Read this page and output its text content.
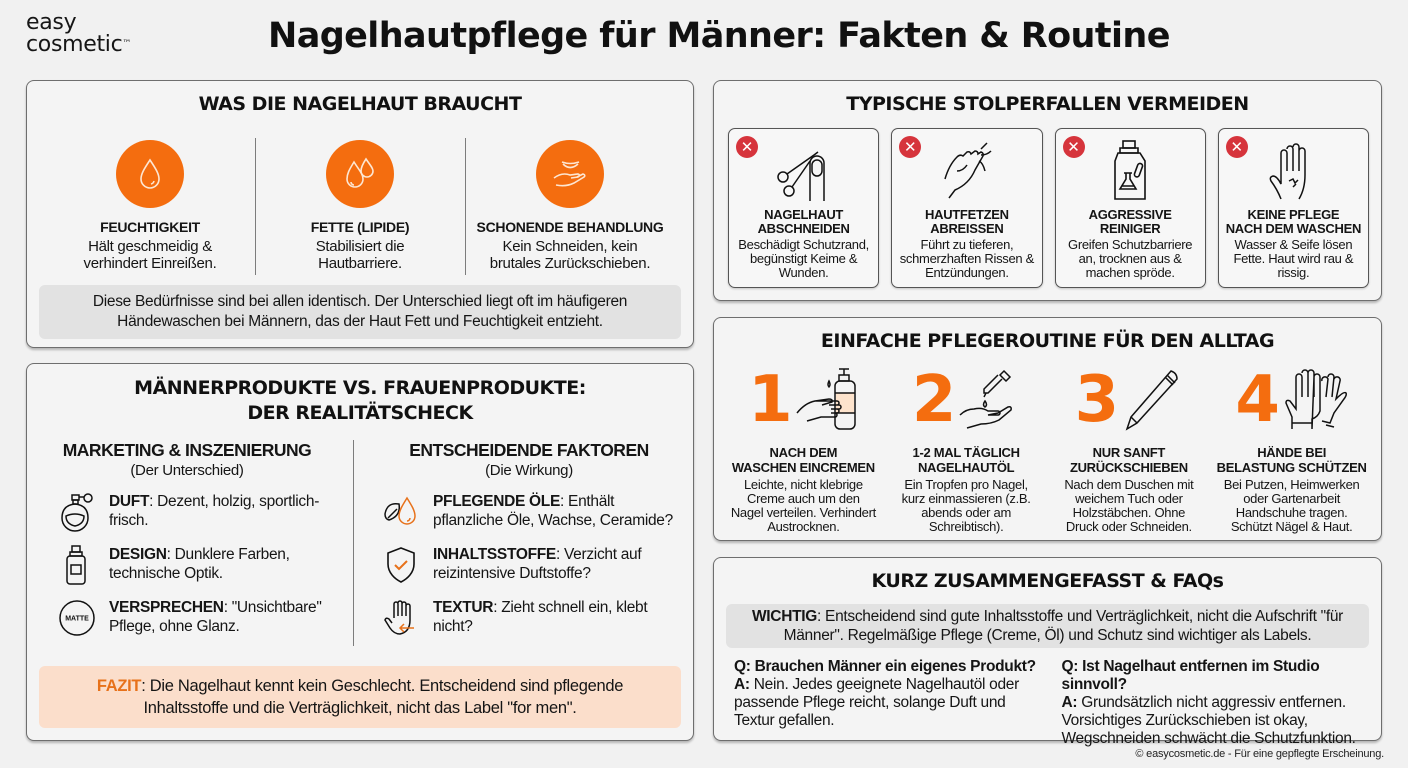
easy
cosmetic™	Nagelhautpflege für Männer: Fakten & Routine
WAS DIE NAGELHAUT BRAUCHT
FEUCHTIGKEIT
Hält geschmeidig &
verhindert Einreißen.
FETTE (LIPIDE)
Stabilisiert die
Hautbarriere.
SCHONENDE BEHANDLUNG
Kein Schneiden, kein
brutales Zurückschieben.
Diese Bedürfnisse sind bei allen identisch. Der Unterschied liegt oft im häufigeren Händewaschen bei Männern, das der Haut Fett und Feuchtigkeit entzieht.
MÄNNERPRODUKTE VS. FRAUENPRODUKTE:
DER REALITÄTSCHECK
MARKETING & INSZENIERUNG
(Der Unterschied)
DUFT: Dezent, holzig, sportlich-frisch.
DESIGN: Dunklere Farben, technische Optik.
MATTE
VERSPRECHEN: "Unsichtbare" Pflege, ohne Glanz.
ENTSCHEIDENDE FAKTOREN
(Die Wirkung)
PFLEGENDE ÖLE: Enthält pflanzliche Öle, Wachse, Ceramide?
INHALTSSTOFFE: Verzicht auf reizintensive Duftstoffe?
TEXTUR: Zieht schnell ein, klebt nicht?
FAZIT: Die Nagelhaut kennt kein Geschlecht. Entscheidend sind pflegende Inhaltsstoffe und die Verträglichkeit, nicht das Label "for men".
TYPISCHE STOLPERFALLEN VERMEIDEN
✕
NAGELHAUT
ABSCHNEIDEN
Beschädigt Schutzrand, begünstigt Keime & Wunden.
✕
HAUTFETZEN
ABREISSEN
Führt zu tieferen, schmerzhaften Rissen & Entzündungen.
✕
AGGRESSIVE
REINIGER
Greifen Schutzbarriere an, trocknen aus & machen spröde.
✕
KEINE PFLEGE
NACH DEM WASCHEN
Wasser & Seife lösen Fette. Haut wird rau & rissig.
EINFACHE PFLEGEROUTINE FÜR DEN ALLTAG
1
NACH DEM
WASCHEN EINCREMEN
Leichte, nicht klebrige Creme auch um den Nagel verteilen. Verhindert Austrocknen.
2
1-2 MAL TÄGLICH
NAGELHAUTÖL
Ein Tropfen pro Nagel, kurz einmassieren (z.B. abends oder am Schreibtisch).
3
NUR SANFT
ZURÜCKSCHIEBEN
Nach dem Duschen mit weichem Tuch oder Holzstäbchen. Ohne Druck oder Schneiden.
4
HÄNDE BEI
BELASTUNG SCHÜTZEN
Bei Putzen, Heimwerken oder Gartenarbeit Handschuhe tragen. Schützt Nägel & Haut.
KURZ ZUSAMMENGEFASST & FAQs
WICHTIG: Entscheidend sind gute Inhaltsstoffe und Verträglichkeit, nicht die Aufschrift "für Männer". Regelmäßige Pflege (Creme, Öl) und Schutz sind wichtiger als Labels.
Q: Brauchen Männer ein eigenes Produkt?
A: Nein. Jedes geeignete Nagelhautöl oder passende Pflege reicht, solange Duft und Textur gefallen.
Q: Ist Nagelhaut entfernen im Studio sinnvoll?
A: Grundsätzlich nicht aggressiv entfernen. Vorsichtiges Zurückschieben ist okay, Wegschneiden schwächt die Schutzfunktion.
© easycosmetic.de - Für eine gepflegte Erscheinung.
